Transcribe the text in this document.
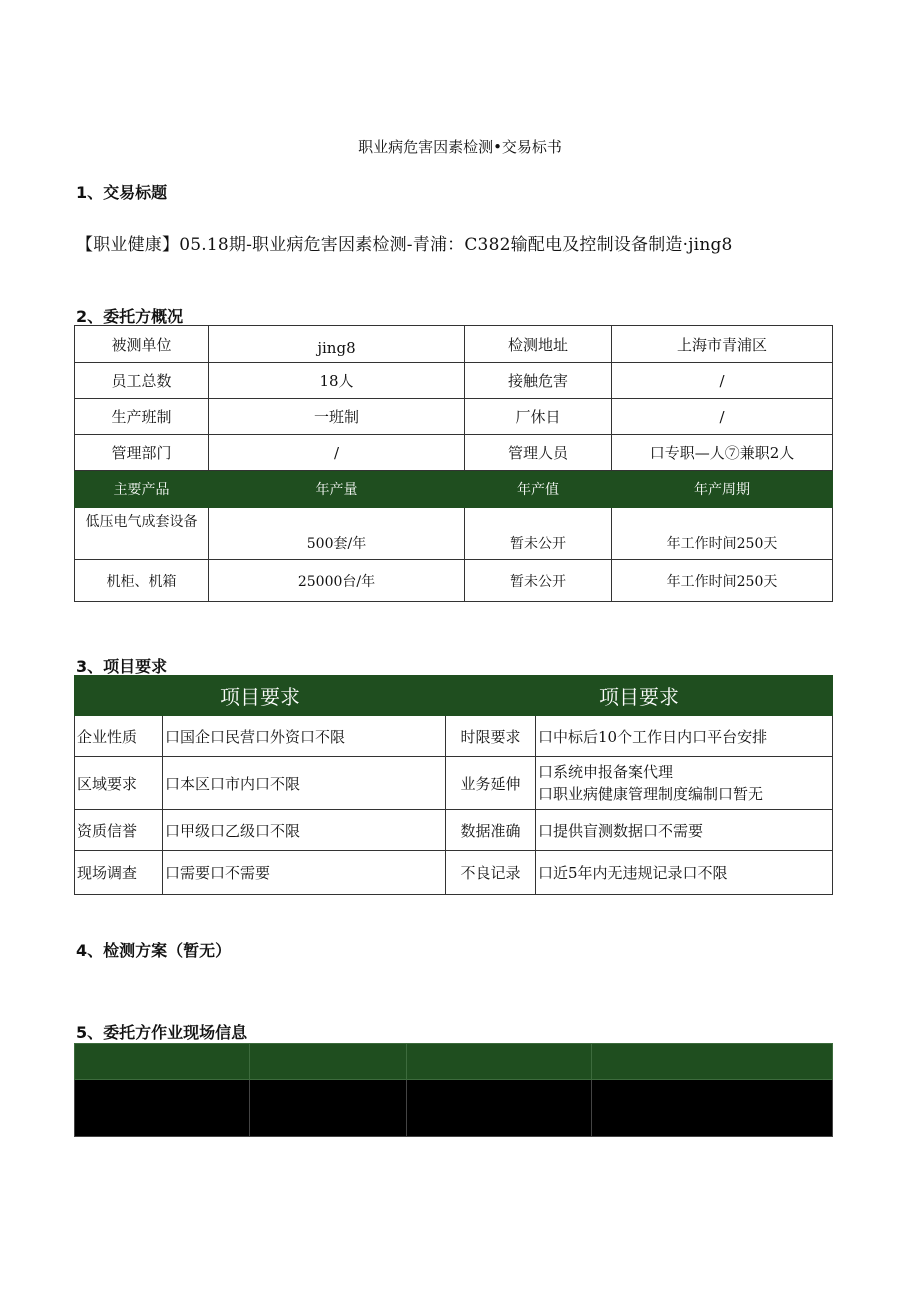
职业病危害因素检测•交易标书
1、交易标题
【职业健康】05.18期-职业病危害因素检测-青浦：C382输配电及控制设备制造·jing8
2、委托方概况
被测单位	jing8	检测地址	上海市青浦区
员工总数	18人	接触危害	/
生产班制	一班制	厂休日	/
管理部门	/	管理人员	口专职—人⑦兼职2人
主要产品	年产量	年产值	年产周期
低压电气成套设备	500套/年	暂未公开	年工作时间250天
机柜、机箱	25000台/年	暂未公开	年工作时间250天
3、项目要求
项目要求		项目要求	
企业性质	口国企口民营口外资口不限	时限要求	口中标后10个工作日内口平台安排
区域要求	口本区口市内口不限	业务延伸	口系统申报备案代理
口职业病健康管理制度编制口暂无

资质信誉	口甲级口乙级口不限	数据准确	口提供盲测数据口不需要
现场调查	口需要口不需要	不良记录	口近5年内无违规记录口不限
4、检测方案（暂无）
5、委托方作业现场信息
